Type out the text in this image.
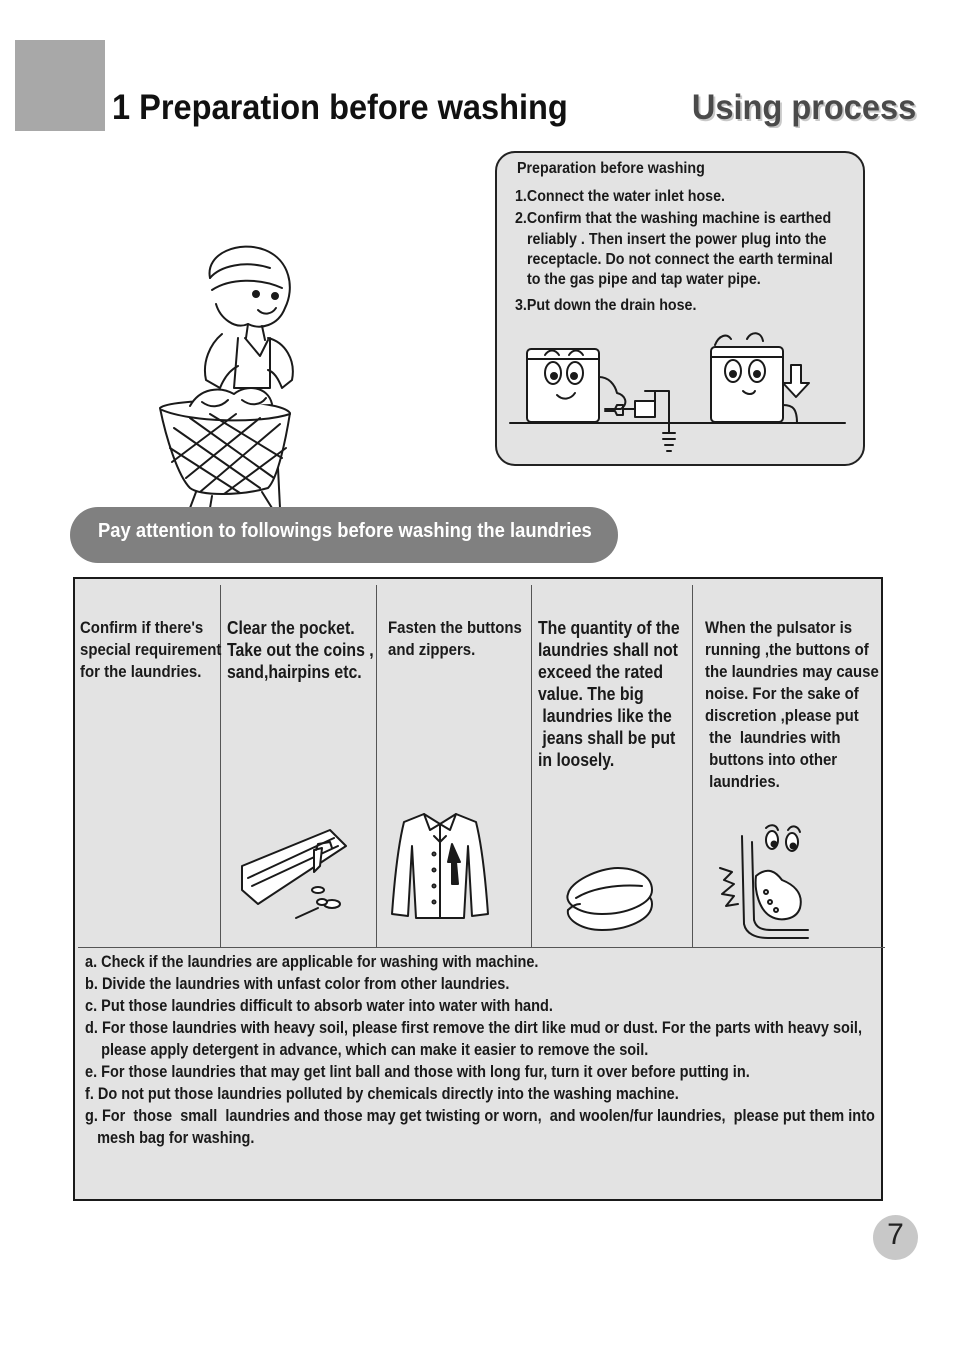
1 Preparation before washing	Using process
Preparation before washing
1.Connect the water inlet hose.
2.Confirm that the washing machine is earthed
reliably . Then insert the power plug into the
receptacle. Do not connect the earth terminal
to the gas pipe and tap water pipe.
3.Put down the drain hose.
Pay attention to followings before washing the laundries
Confirm if there's
special requirement
for the laundries.
Clear the pocket.
Take out the coins ,
sand,hairpins etc.
Fasten the buttons
and zippers.
The quantity of the
laundries shall not
exceed the rated
value. The big
laundries like the
jeans shall be put
in loosely.
When the pulsator is
running ,the buttons of
the laundries may cause
noise. For the sake of
discretion ,please put
the  laundries with
buttons into other
laundries.
a. Check if the laundries are applicable for washing with machine.
b. Divide the laundries with unfast color from other laundries.
c. Put those laundries difficult to absorb water into water with hand.
d. For those laundries with heavy soil, please first remove the dirt like mud or dust. For the parts with heavy soil,
please apply detergent in advance, which can make it easier to remove the soil.
e. For those laundries that may get lint ball and those with long fur, turn it over before putting in.
f. Do not put those laundries polluted by chemicals directly into the washing machine.
g. For  those  small  laundries and those may get twisting or worn,  and woolen/fur laundries,  please put them into
mesh bag for washing.
7
